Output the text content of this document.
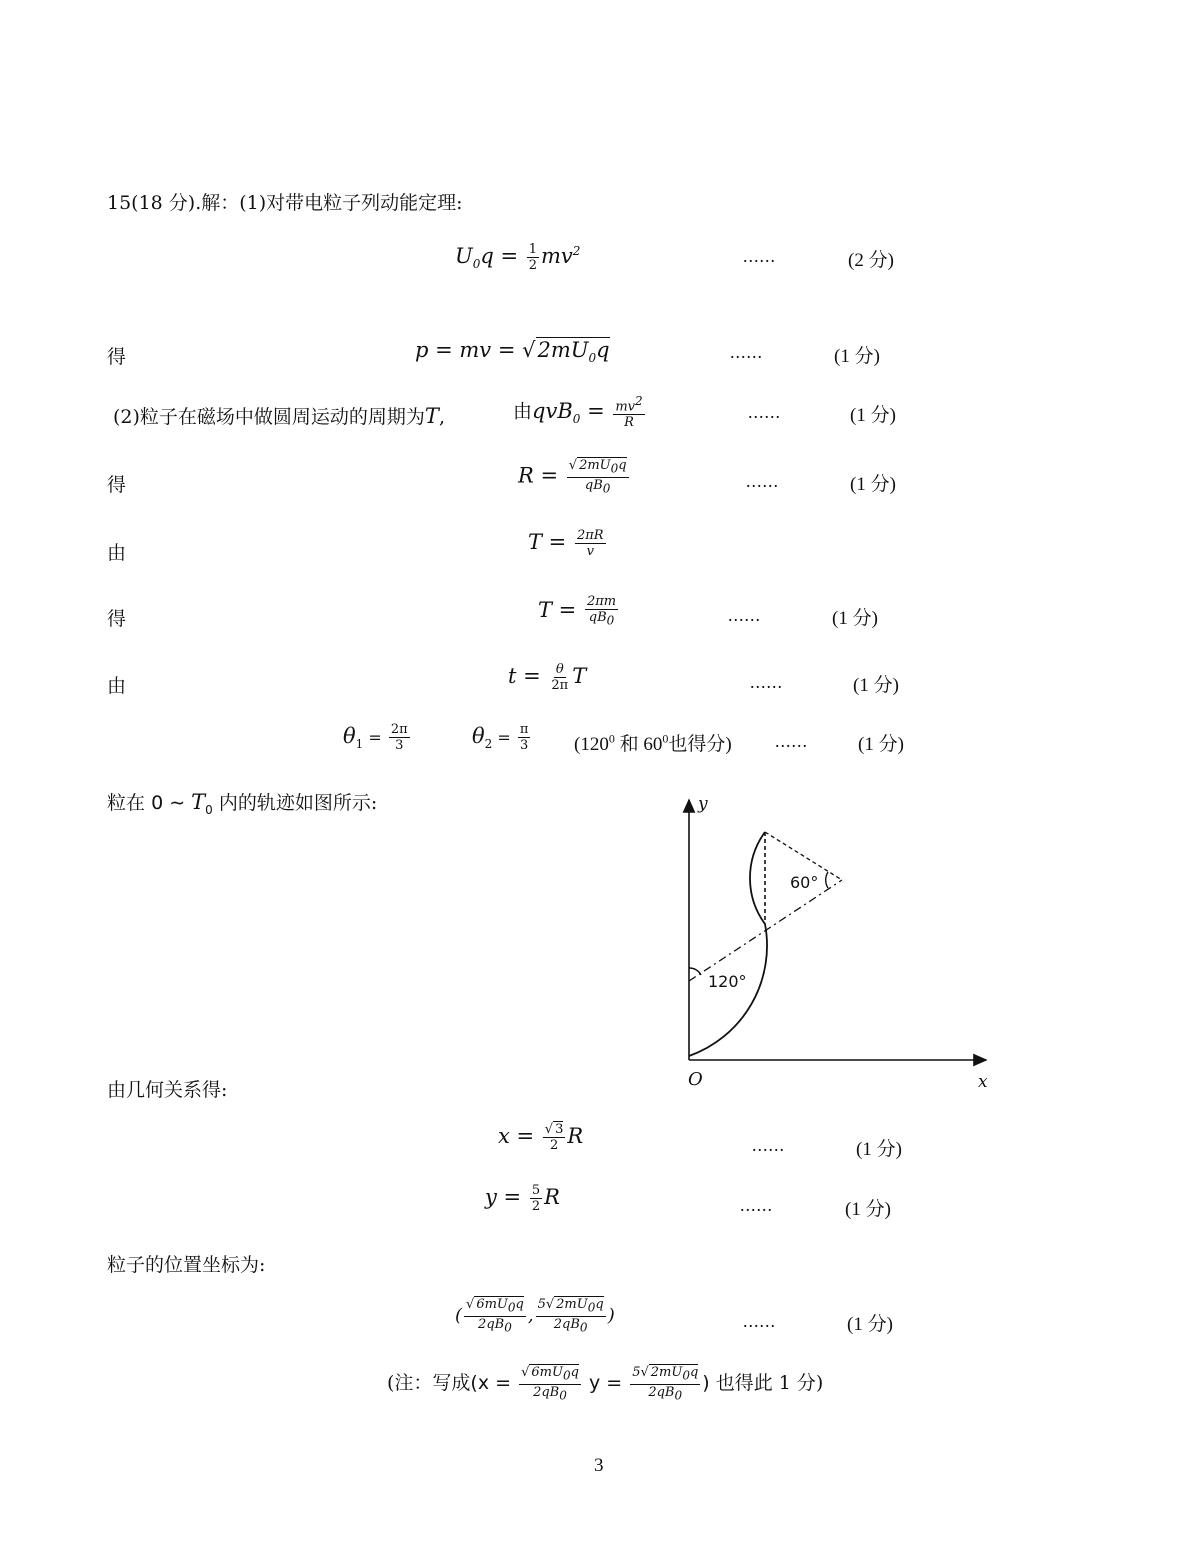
15(18 分).解：(1)对带电粒子列动能定理:
$U_0q = \frac{1}{2} mv^2$	......	(2 分)
得	p = mv = $√2mU_0q$	......	(1 分)
(2)粒子在磁场中做圆周运动的周期为T,	由$qvB_0 = \frac{mv^2}{R}$	......	(1 分)
得	$R = \frac{√ 2mU_0q}{qB_0}$	......	(1 分)
由	$T = \frac{2\pi R}{v}$
得	$T = \frac{2\pi m}{qB_0}$	......	(1 分)
由	$t = \frac{\theta}{2\pi}$ T	......	(1 分)
$\theta_1 = \frac{2\pi}{3}$	$\theta_2 = \frac{\pi}{3} (120^0$ 和 $60^0$也得分) ......	(1 分)
粒在 0 ∼ $T_0$ 内的轨迹如图所示:	y
x
O
60°
120°
由几何关系得:
$x = \frac{√ 3}{2}$ R	......	(1 分)
$y = \frac{5}{2}$ R	......	(1 分)
粒子的位置坐标为:
( $\frac{√ 6mU_0q}{2qB_0}$ , $\frac{5√ 2mU_0q}{2qB_0}$ )	......	(1 分)
(注：写成($x = \frac{√ 6mU_0q}{2qB_0}$ $y = \frac{5√ 2mU_0q}{2qB_0}$ ) 也得此 1 分)
3
